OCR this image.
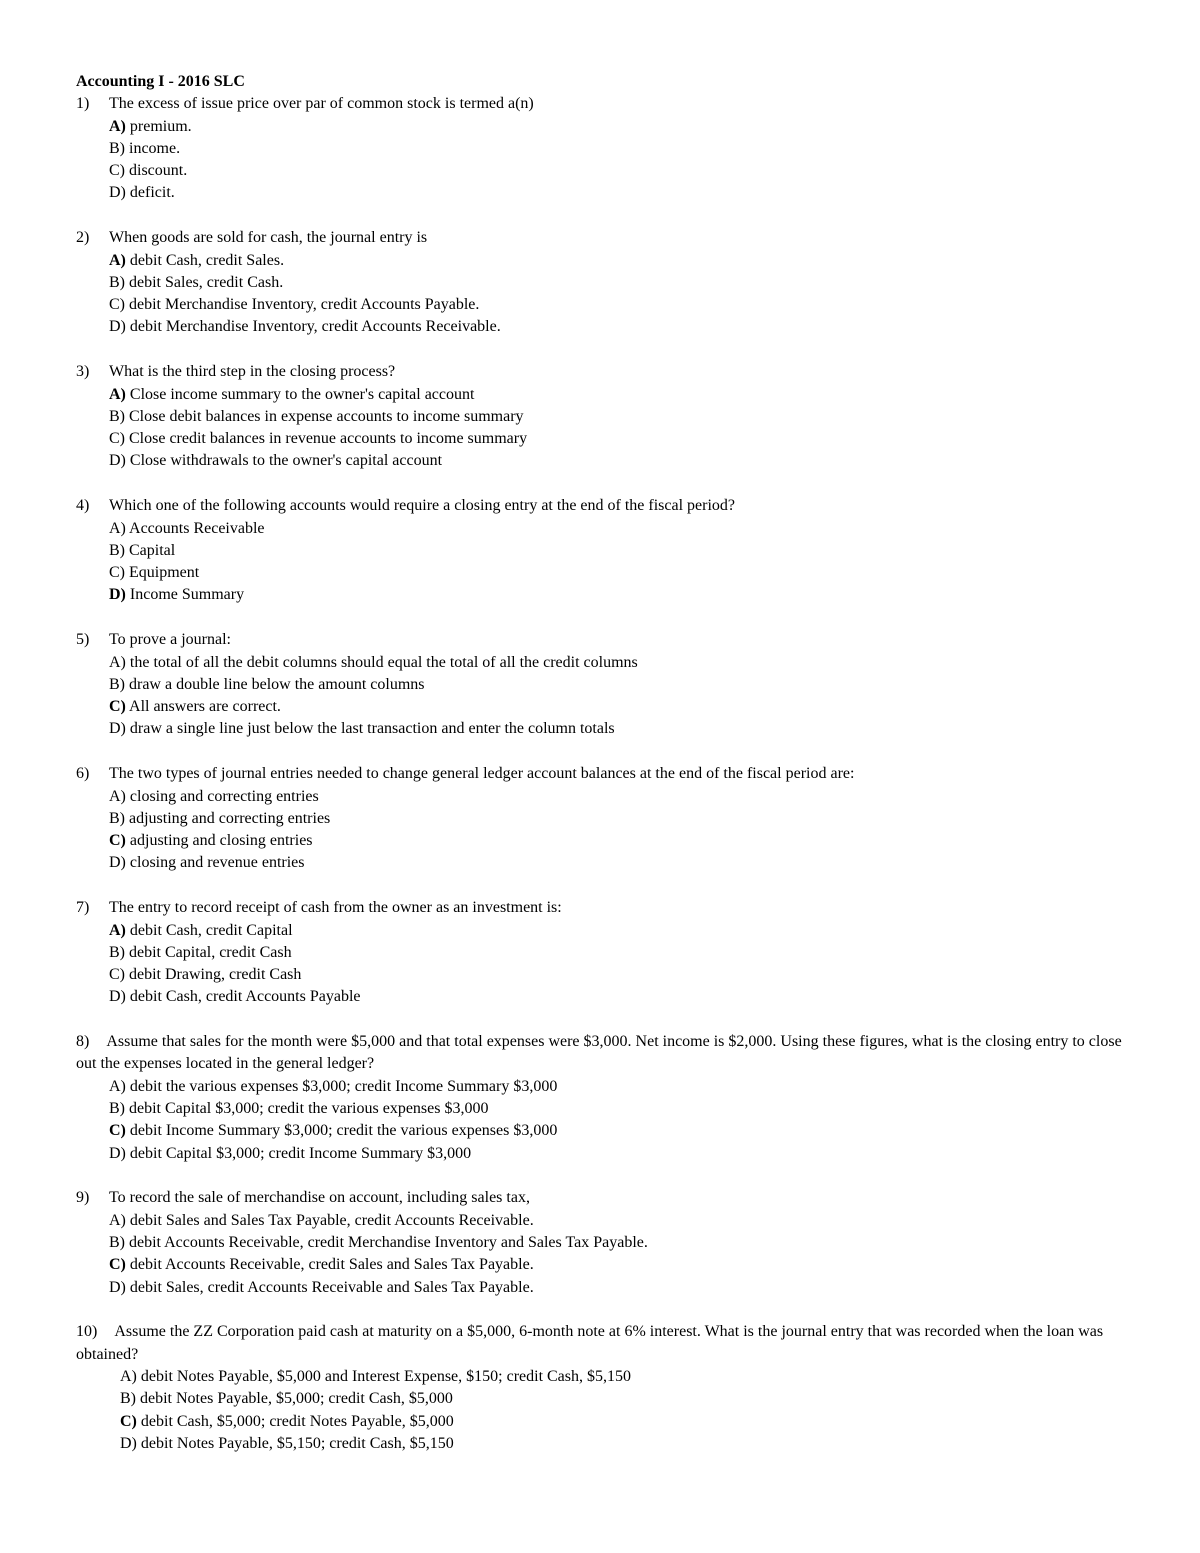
Accounting I - 2016 SLC
1)	The excess of issue price over par of common stock is termed a(n)
A) premium.
B) income.
C) discount.
D) deficit.
2)	When goods are sold for cash, the journal entry is
A) debit Cash, credit Sales.
B) debit Sales, credit Cash.
C) debit Merchandise Inventory, credit Accounts Payable.
D) debit Merchandise Inventory, credit Accounts Receivable.
3)	What is the third step in the closing process?
A) Close income summary to the owner's capital account
B) Close debit balances in expense accounts to income summary
C) Close credit balances in revenue accounts to income summary
D) Close withdrawals to the owner's capital account
4)	Which one of the following accounts would require a closing entry at the end of the fiscal period?
A) Accounts Receivable
B) Capital
C) Equipment
D) Income Summary
5)	To prove a journal:
A) the total of all the debit columns should equal the total of all the credit columns
B) draw a double line below the amount columns
C) All answers are correct.
D) draw a single line just below the last transaction and enter the column totals
6)	The two types of journal entries needed to change general ledger account balances at the end of the fiscal period are:
A) closing and correcting entries
B) adjusting and correcting entries
C) adjusting and closing entries
D) closing and revenue entries
7)	The entry to record receipt of cash from the owner as an investment is:
A) debit Cash, credit Capital
B) debit Capital, credit Cash
C) debit Drawing, credit Cash
D) debit Cash, credit Accounts Payable
8) Assume that sales for the month were $5,000 and that total expenses were $3,000. Net income is $2,000. Using these figures, what is the closing entry to close out the expenses located in the general ledger?
A) debit the various expenses $3,000; credit Income Summary $3,000
B) debit Capital $3,000; credit the various expenses $3,000
C) debit Income Summary $3,000; credit the various expenses $3,000
D) debit Capital $3,000; credit Income Summary $3,000
9)	To record the sale of merchandise on account, including sales tax,
A) debit Sales and Sales Tax Payable, credit Accounts Receivable.
B) debit Accounts Receivable, credit Merchandise Inventory and Sales Tax Payable.
C) debit Accounts Receivable, credit Sales and Sales Tax Payable.
D) debit Sales, credit Accounts Receivable and Sales Tax Payable.
10) Assume the ZZ Corporation paid cash at maturity on a $5,000, 6-month note at 6% interest. What is the journal entry that was recorded when the loan was obtained?
A) debit Notes Payable, $5,000 and Interest Expense, $150; credit Cash, $5,150
B) debit Notes Payable, $5,000; credit Cash, $5,000
C) debit Cash, $5,000; credit Notes Payable, $5,000
D) debit Notes Payable, $5,150; credit Cash, $5,150
